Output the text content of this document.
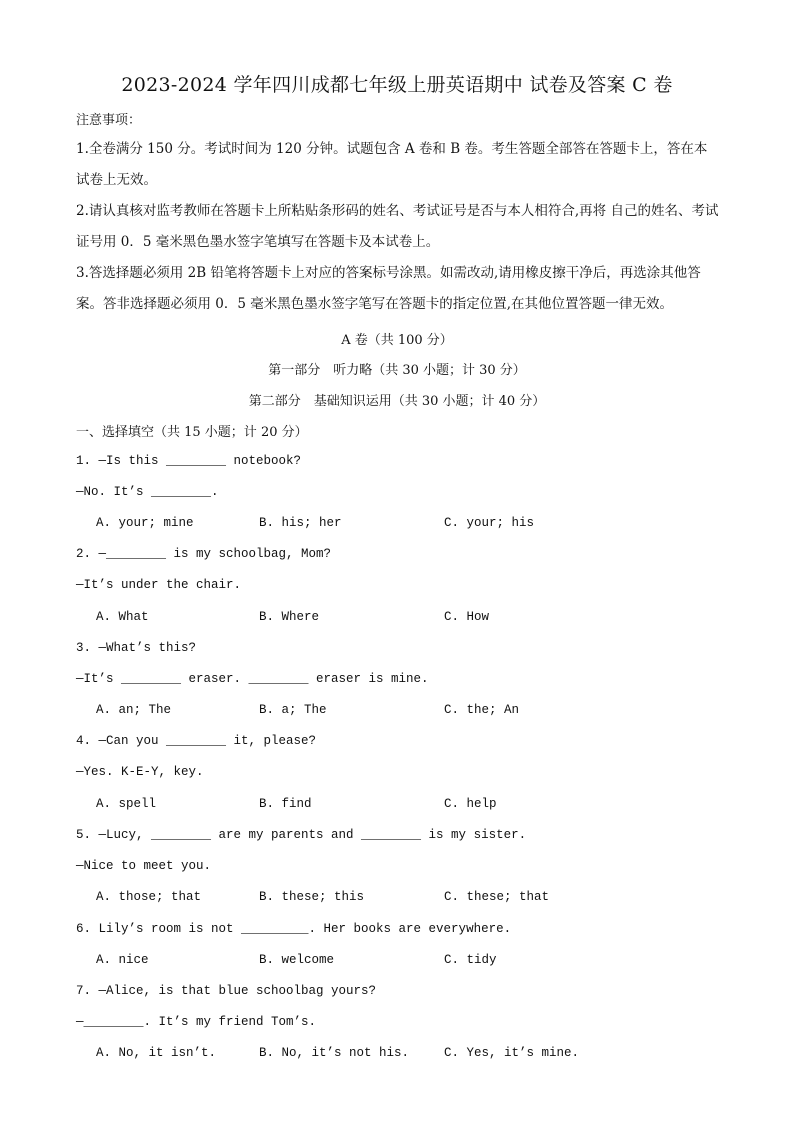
2023-2024 学年四川成都七年级上册英语期中 试卷及答案 C 卷
注意事项：
1.全卷满分 150 分。考试时间为 120 分钟。试题包含 A 卷和 B 卷。考生答题全部答在答题卡上，答在本试卷上无效。
2.请认真核对监考教师在答题卡上所粘贴条形码的姓名、考试证号是否与本人相符合,再将 自己的姓名、考试证号用 0．5 毫米黑色墨水签字笔填写在答题卡及本试卷上。
3.答选择题必须用 2B 铅笔将答题卡上对应的答案标号涂黑。如需改动,请用橡皮擦干净后，再选涂其他答案。答非选择题必须用 0．5 毫米黑色墨水签字笔写在答题卡的指定位置,在其他位置答题一律无效。
A 卷（共 100 分）
第一部分　听力略（共 30 小题；计 30 分）
第二部分　基础知识运用（共 30 小题；计 40 分）
一、选择填空（共 15 小题；计 20 分）
1. —Is this ________ notebook?
—No. It’s ________.
A. your; mine	B. his; her	C. your; his
2. —________ is my schoolbag, Mom?
—It’s under the chair.
A. What	B. Where	C. How
3. —What’s this?
—It’s ________ eraser. ________ eraser is mine.
A. an; The	B. a; The	C. the; An
4. —Can you ________ it, please?
—Yes. K-E-Y, key.
A. spell	B. find	C. help
5. —Lucy, ________ are my parents and ________ is my sister.
—Nice to meet you.
A. those; that	B. these; this	C. these; that
6. Lily’s room is not _________. Her books are everywhere.
A. nice	B. welcome	C. tidy
7. —Alice, is that blue schoolbag yours?
—________. It’s my friend Tom’s.
A. No, it isn’t.	B. No, it’s not his.	C. Yes, it’s mine.
